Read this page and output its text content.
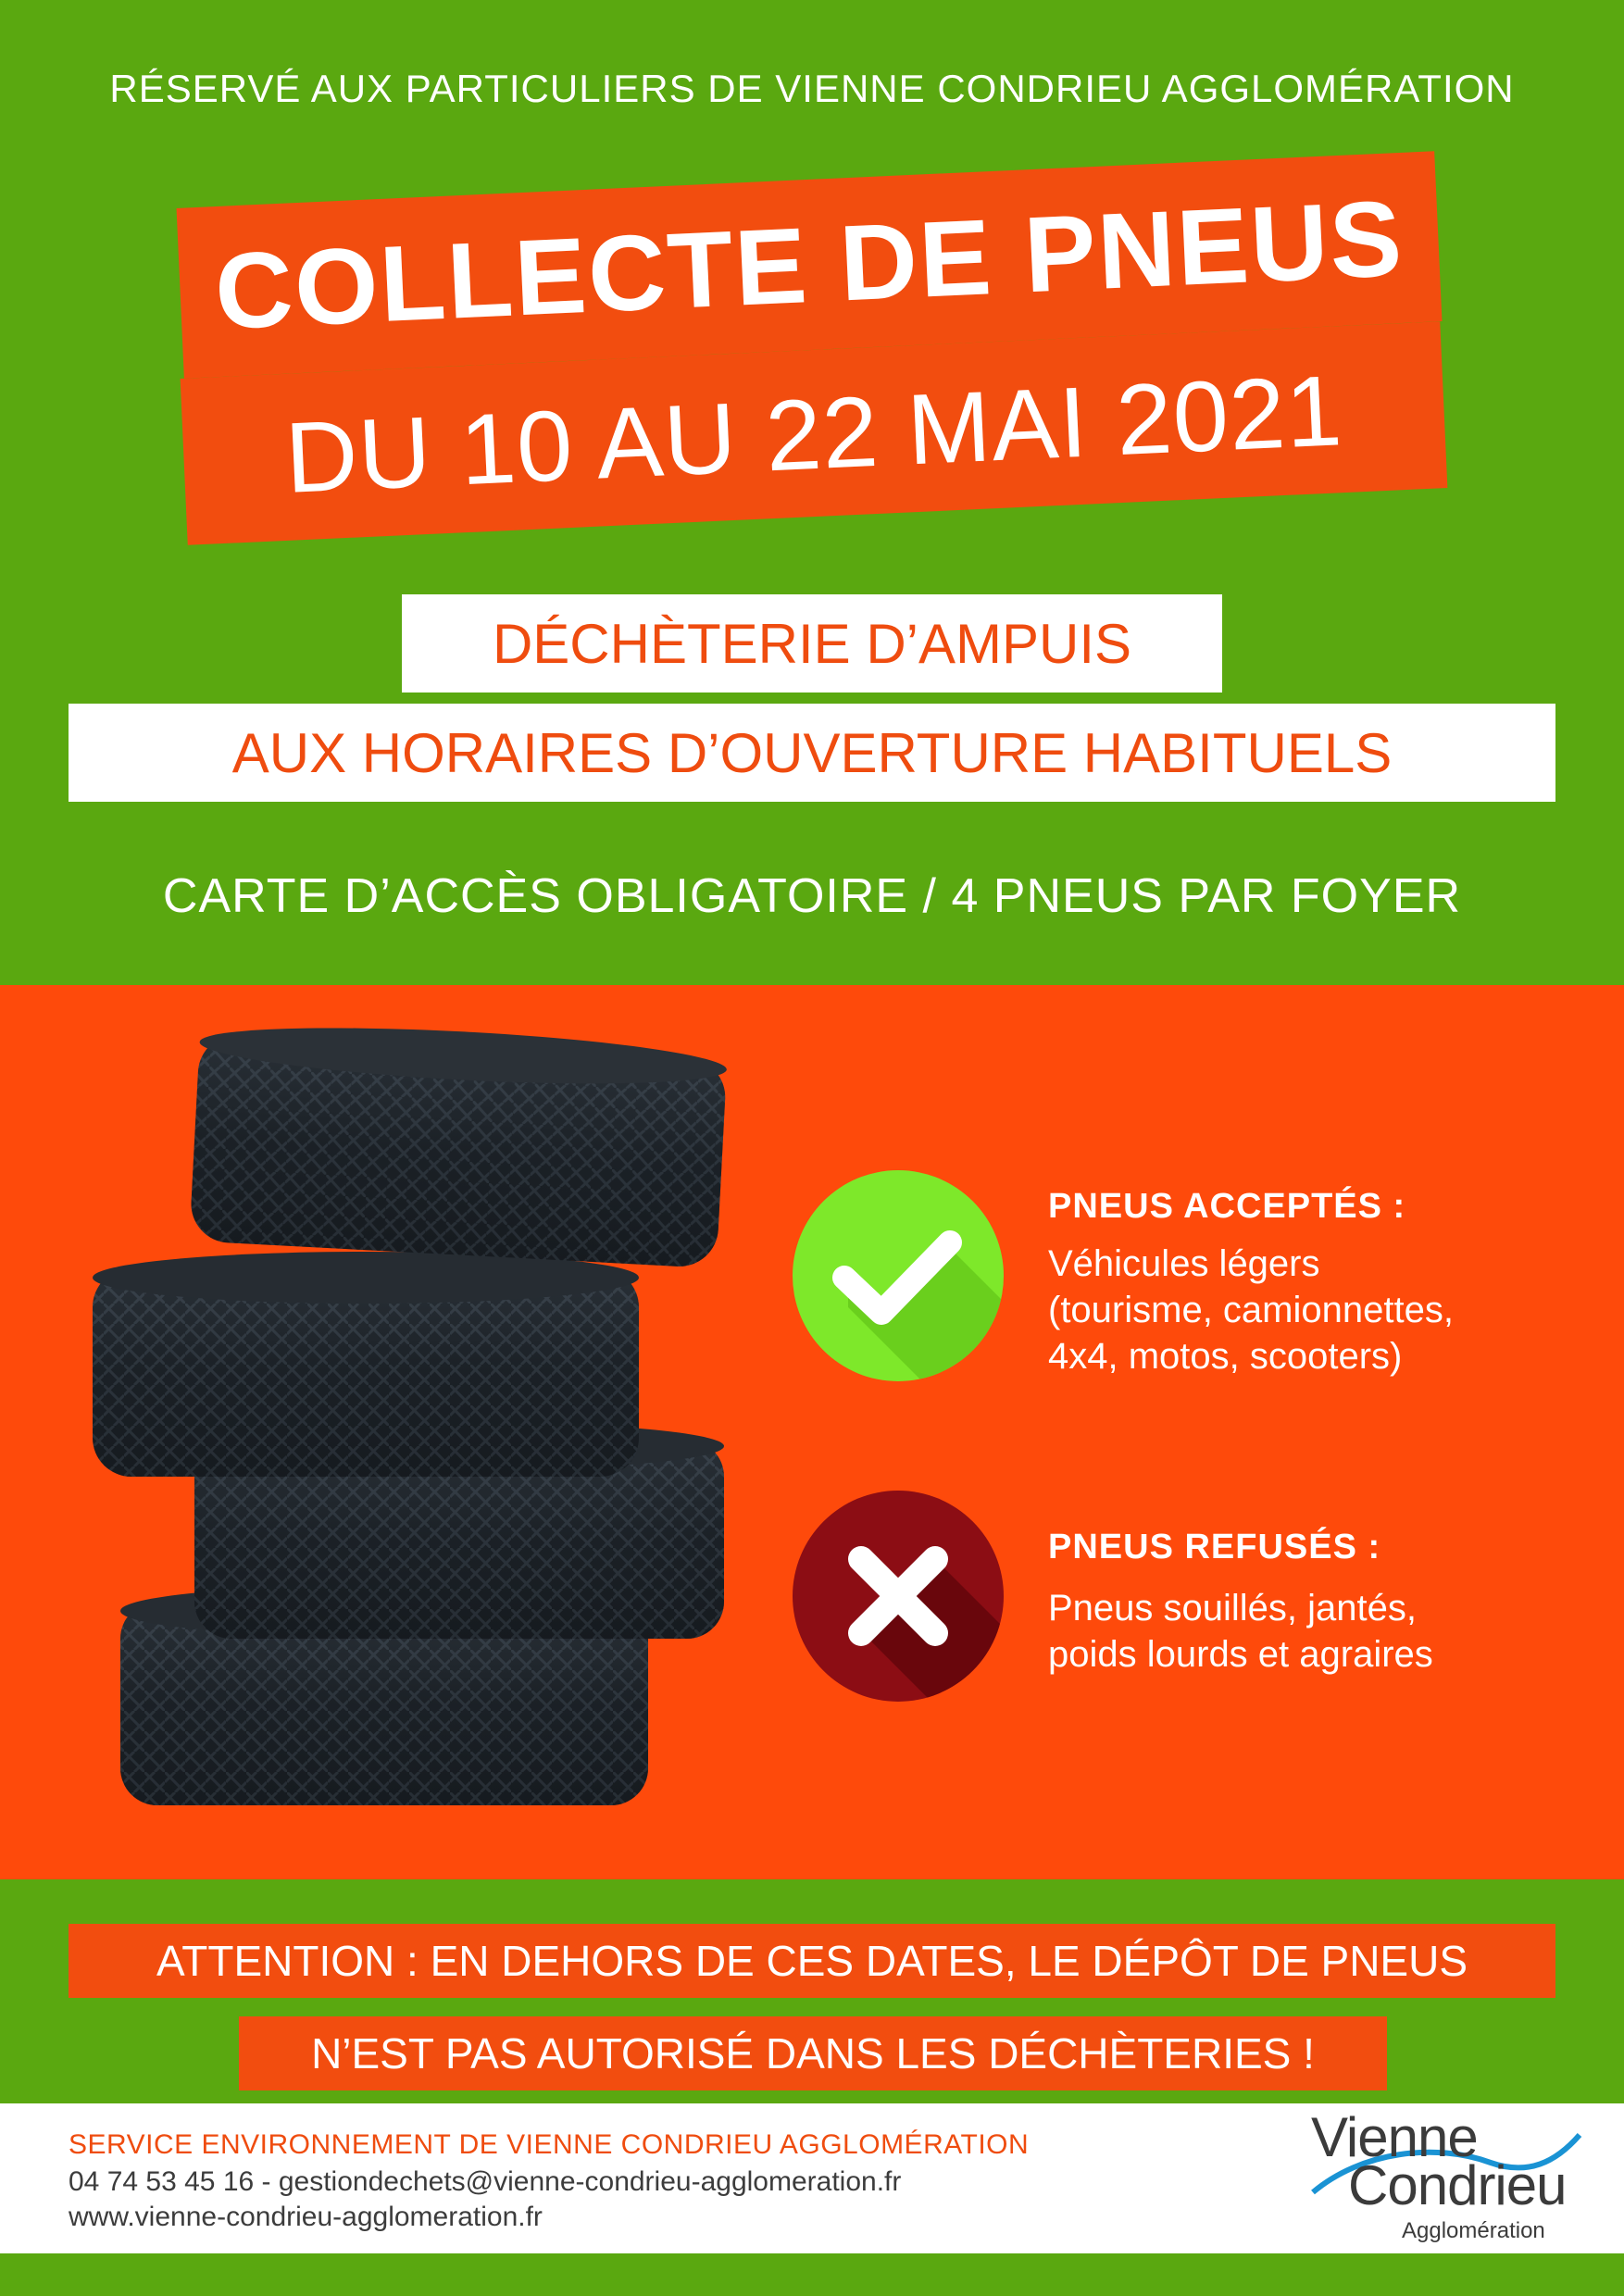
RÉSERVÉ AUX PARTICULIERS DE VIENNE CONDRIEU AGGLOMÉRATION
COLLECTE DE PNEUS
DU 10 AU 22 MAI 2021
DÉCHÈTERIE D’AMPUIS
AUX HORAIRES D’OUVERTURE HABITUELS
CARTE D’ACCÈS OBLIGATOIRE / 4 PNEUS PAR FOYER
PNEUS ACCEPTÉS :
Véhicules légers
(tourisme, camionnettes,
4x4, motos, scooters)
PNEUS REFUSÉS :
Pneus souillés, jantés,
poids lourds et agraires
ATTENTION : EN DEHORS DE CES DATES, LE DÉPÔT DE PNEUS
N’EST PAS AUTORISÉ DANS LES DÉCHÈTERIES !
SERVICE ENVIRONNEMENT DE VIENNE CONDRIEU AGGLOMÉRATION
04 74 53 45 16 - gestiondechets@vienne-condrieu-agglomeration.fr
www.vienne-condrieu-agglomeration.fr
Vienne
Condrieu
Agglomération
